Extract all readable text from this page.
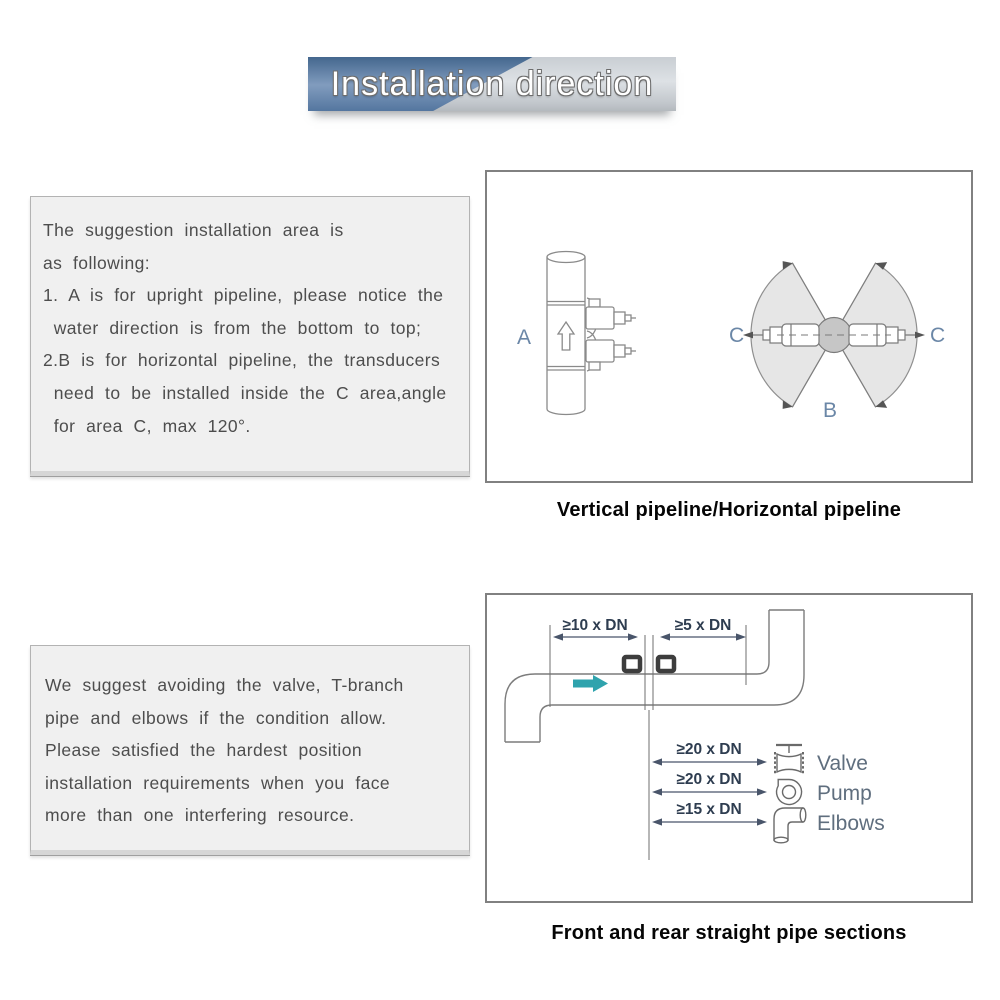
Installation direction
The suggestion installation area is
as following:
1. A is for upright pipeline, please notice the
water direction is from the bottom to top;
2.B is for horizontal pipeline, the transducers
need to be installed inside the C area,angle
for area C, max 120°.
A	C	C
B
Vertical pipeline/Horizontal pipeline
We suggest avoiding the valve, T-branch
pipe and elbows if the condition allow.
Please satisfied the hardest position
installation requirements when you face
more than one interfering resource.
≥10 x DN	≥5 x DN
≥20 x DN
≥20 x DN
≥15 x DN
Valve
Pump
Elbows
Front and rear straight pipe sections
